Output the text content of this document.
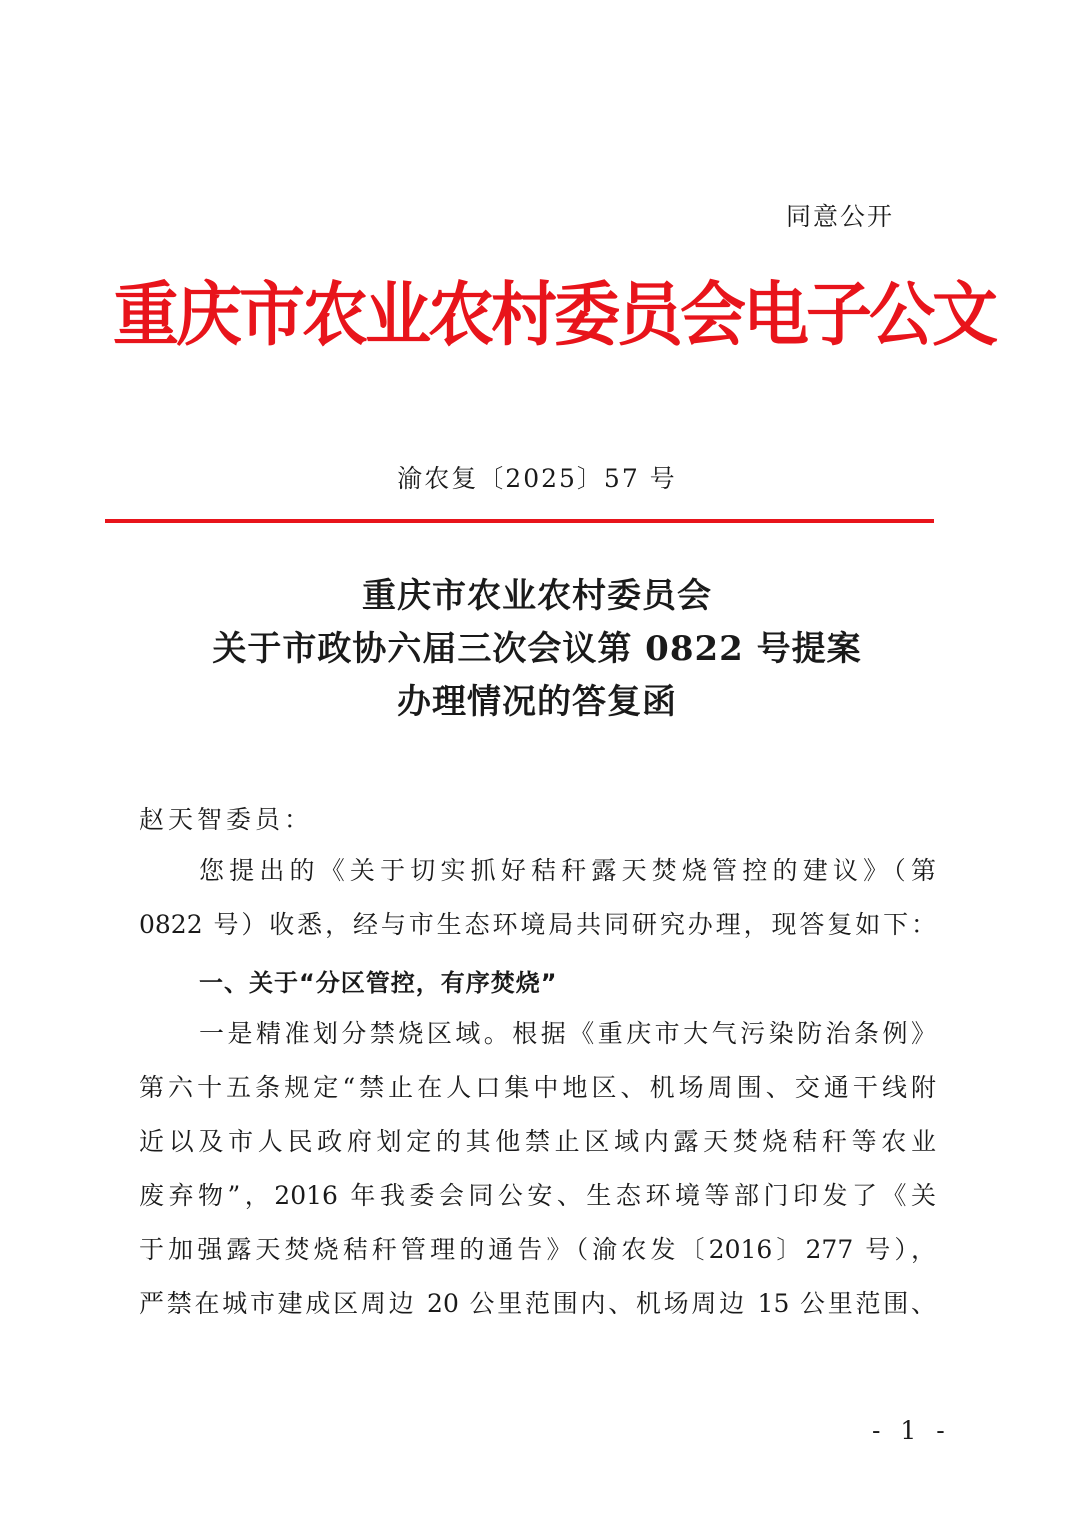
同意公开
重庆市农业农村委员会电子公文
渝农复〔2025〕57 号
重庆市农业农村委员会
关于市政协六届三次会议第 0822 号提案
办理情况的答复函
赵天智委员：
您提出的《关于切实抓好秸秆露天焚烧管控的建议》（第
0822 号）收悉，经与市生态环境局共同研究办理，现答复如下：
一、关于“分区管控，有序焚烧”
一是精准划分禁烧区域。根据《重庆市大气污染防治条例》
第六十五条规定“禁止在人口集中地区、机场周围、交通干线附
近以及市人民政府划定的其他禁止区域内露天焚烧秸秆等农业
废弃物”，2016 年我委会同公安、生态环境等部门印发了《关
于加强露天焚烧秸秆管理的通告》（渝农发〔2016〕277 号），
严禁在城市建成区周边 20 公里范围内、机场周边 15 公里范围、
- 1 -
